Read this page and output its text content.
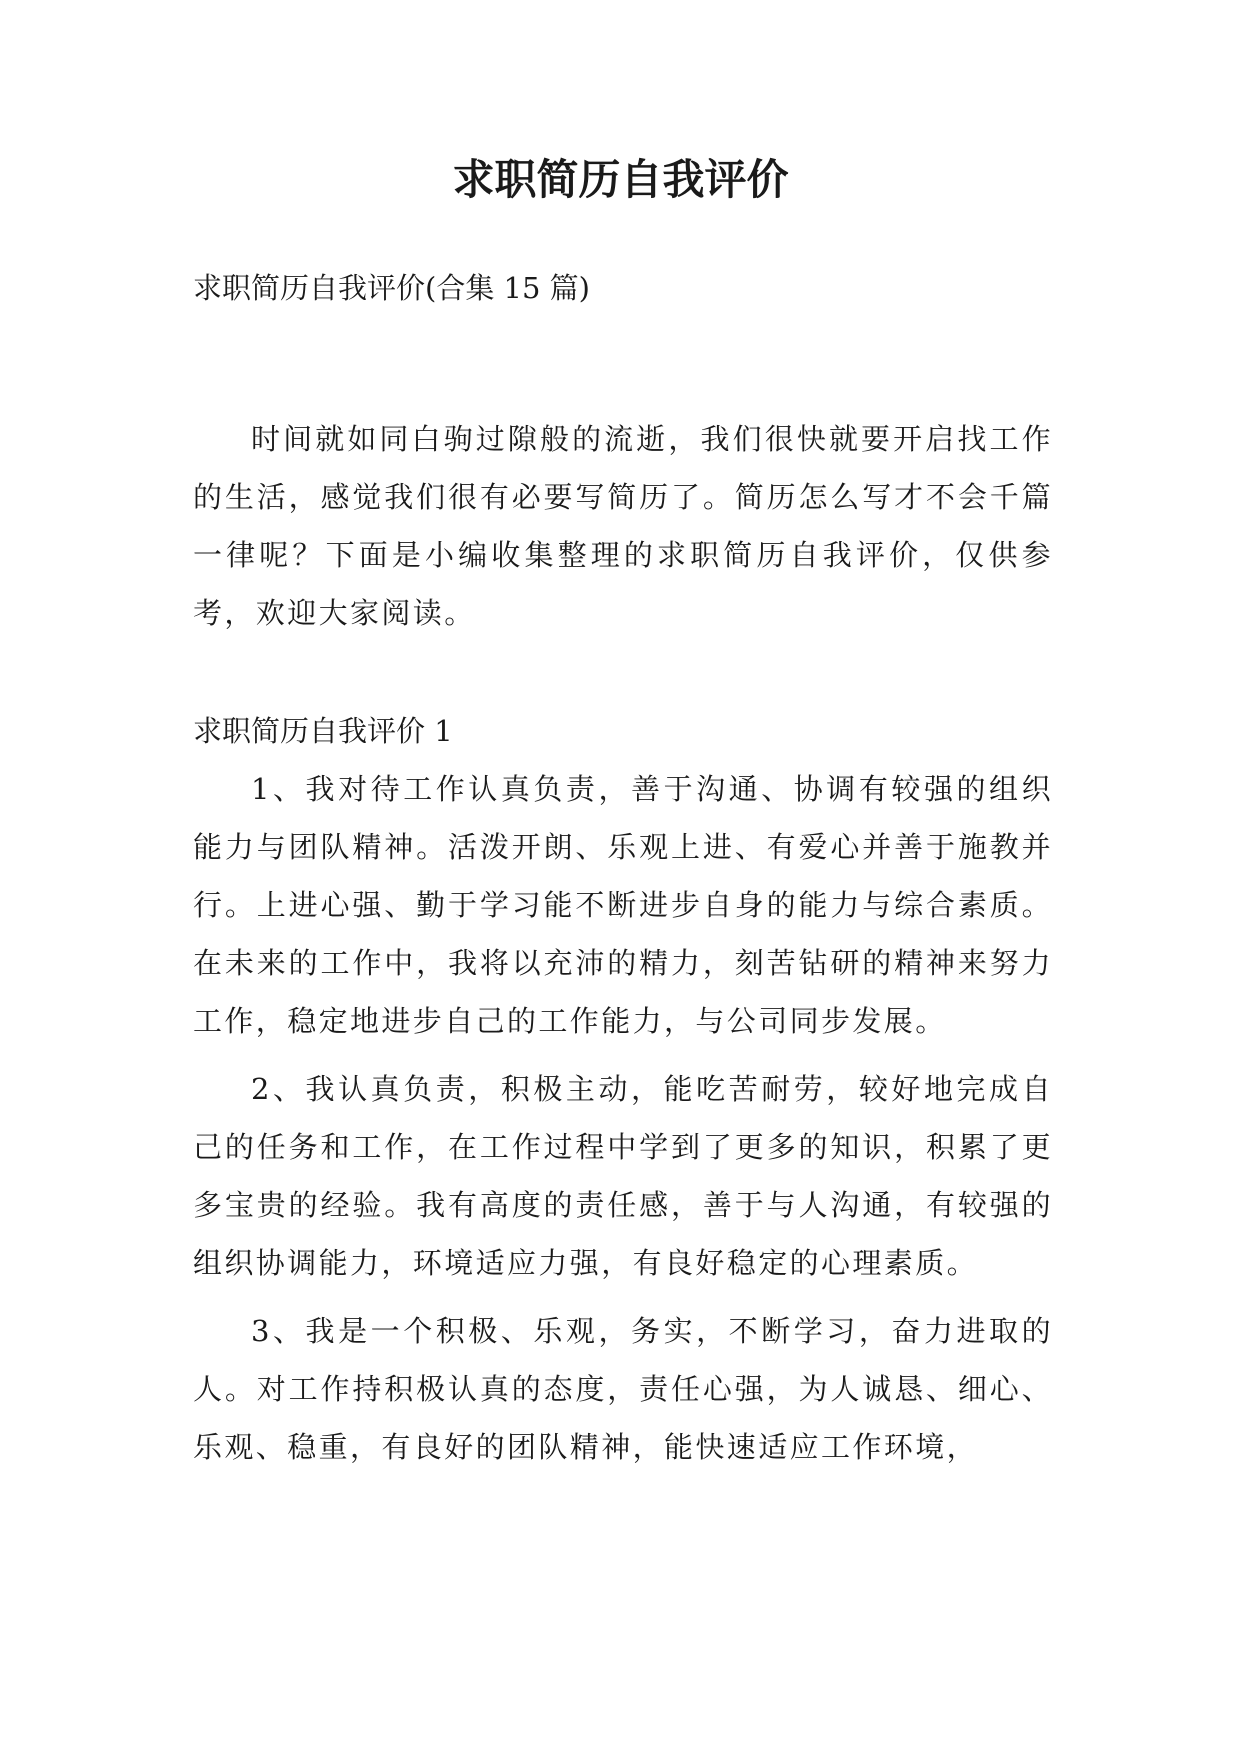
求职简历自我评价

求职简历自我评价(合集 15 篇)

时间就如同白驹过隙般的流逝，我们很快就要开启找工作的生活，感觉我们很有必要写简历了。简历怎么写才不会千篇一律呢？下面是小编收集整理的求职简历自我评价，仅供参考，欢迎大家阅读。

求职简历自我评价 1

1、我对待工作认真负责，善于沟通、协调有较强的组织能力与团队精神。活泼开朗、乐观上进、有爱心并善于施教并行。上进心强、勤于学习能不断进步自身的能力与综合素质。在未来的工作中，我将以充沛的精力，刻苦钻研的精神来努力工作，稳定地进步自己的工作能力，与公司同步发展。

2、我认真负责，积极主动，能吃苦耐劳，较好地完成自己的任务和工作，在工作过程中学到了更多的知识，积累了更多宝贵的经验。我有高度的责任感，善于与人沟通，有较强的组织协调能力，环境适应力强，有良好稳定的心理素质。

3、我是一个积极、乐观，务实，不断学习，奋力进取的人。对工作持积极认真的态度，责任心强，为人诚恳、细心、乐观、稳重，有良好的团队精神，能快速适应工作环境，
